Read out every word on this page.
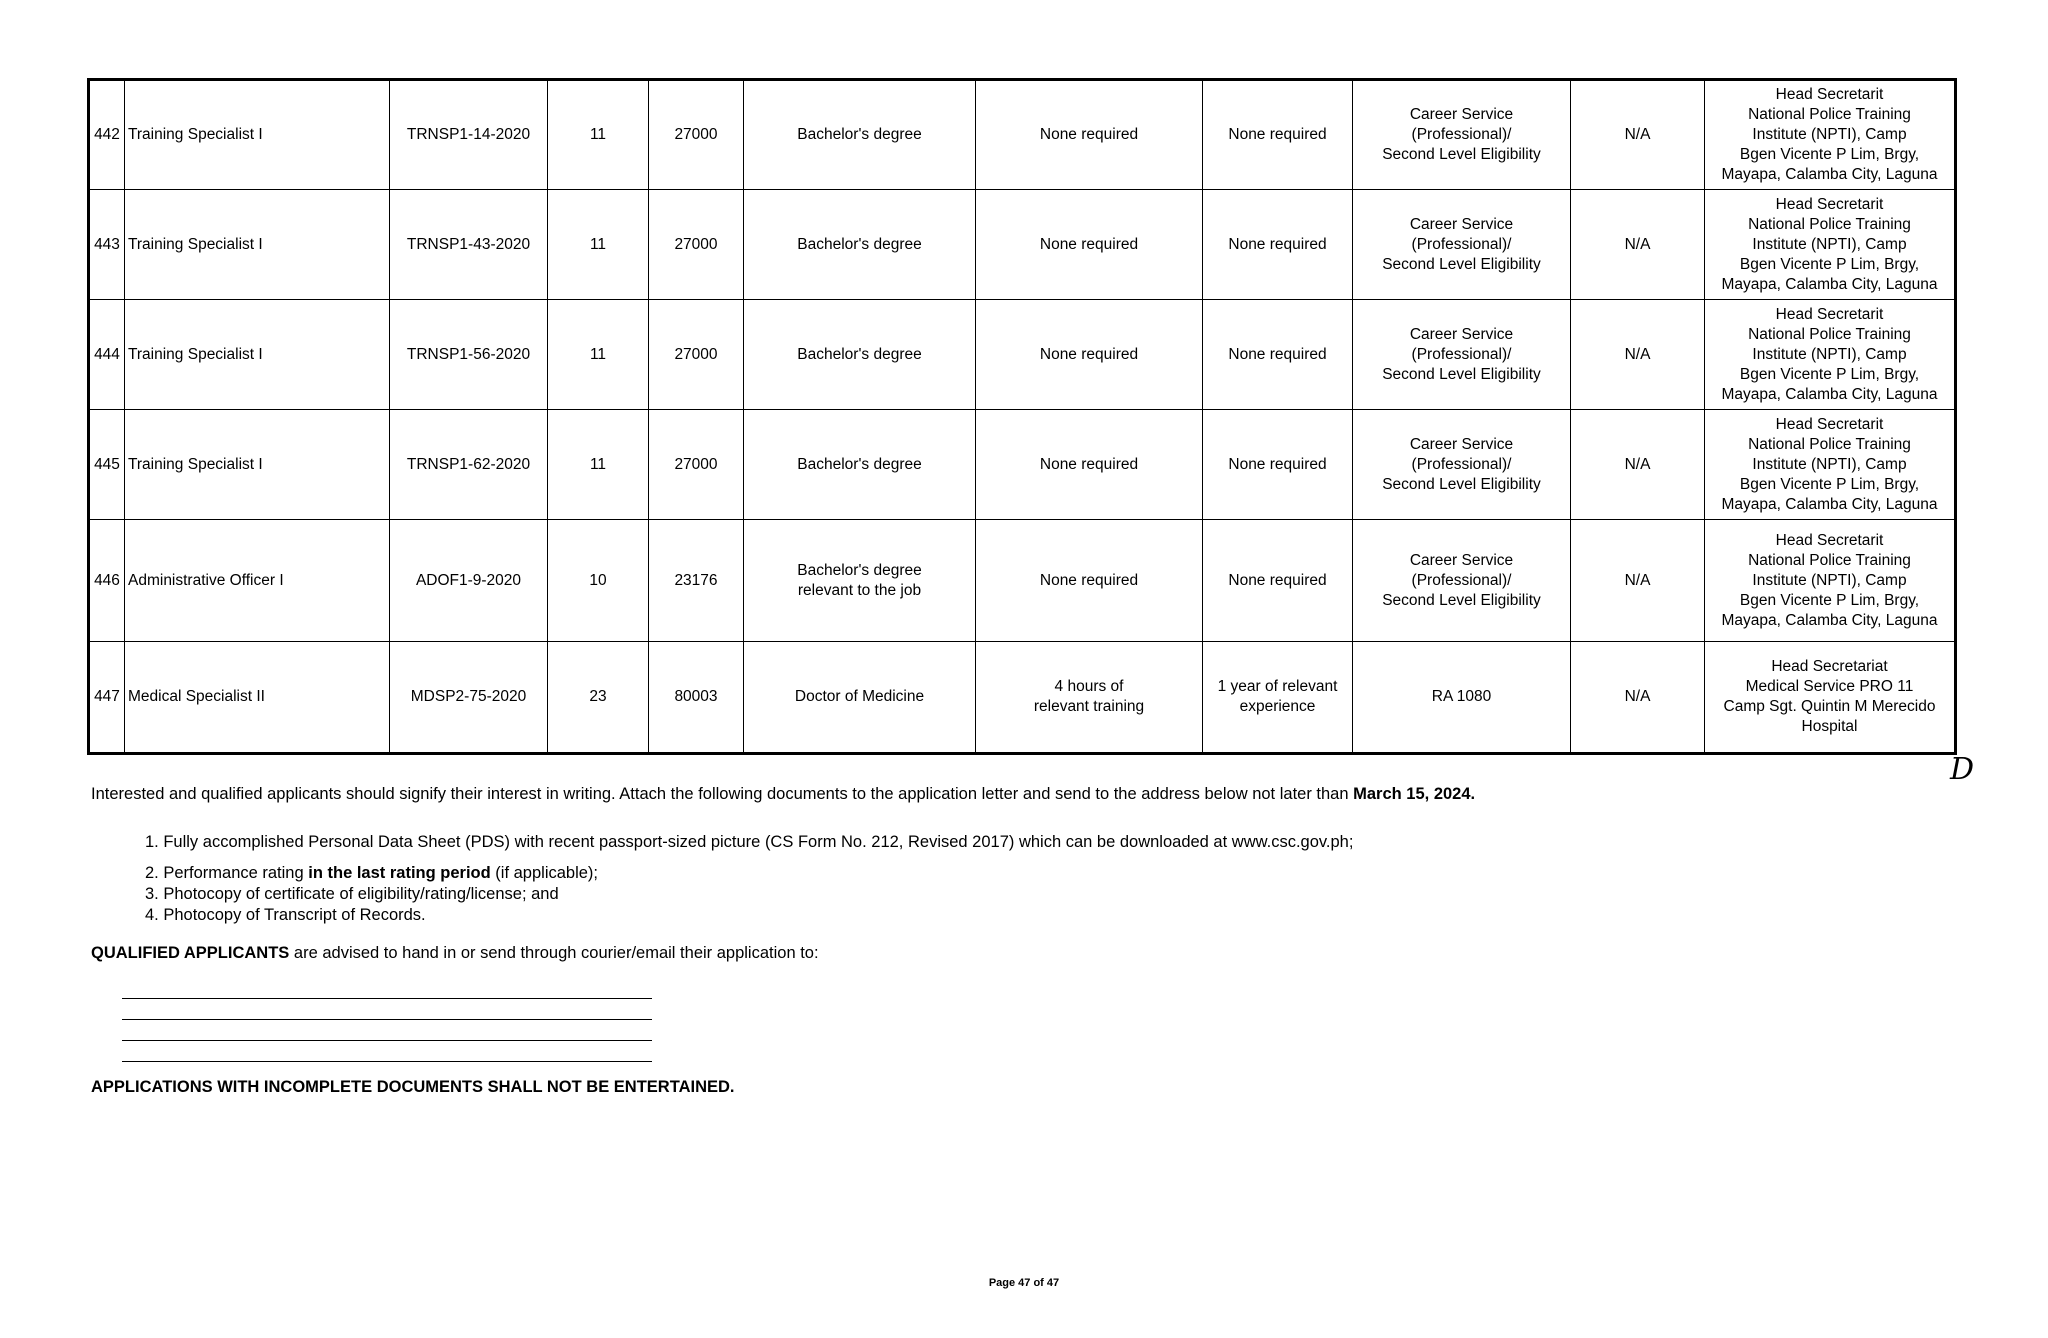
442	Training Specialist I	TRNSP1-14-2020	11	27000	Bachelor's degree	None required	None required	Career Service
(Professional)/
Second Level Eligibility	N/A	Head Secretarit
National Police Training
Institute (NPTI), Camp
Bgen Vicente P Lim, Brgy,
Mayapa, Calamba City, Laguna
443	Training Specialist I	TRNSP1-43-2020	11	27000	Bachelor's degree	None required	None required	Career Service
(Professional)/
Second Level Eligibility	N/A	Head Secretarit
National Police Training
Institute (NPTI), Camp
Bgen Vicente P Lim, Brgy,
Mayapa, Calamba City, Laguna
444	Training Specialist I	TRNSP1-56-2020	11	27000	Bachelor's degree	None required	None required	Career Service
(Professional)/
Second Level Eligibility	N/A	Head Secretarit
National Police Training
Institute (NPTI), Camp
Bgen Vicente P Lim, Brgy,
Mayapa, Calamba City, Laguna
445	Training Specialist I	TRNSP1-62-2020	11	27000	Bachelor's degree	None required	None required	Career Service
(Professional)/
Second Level Eligibility	N/A	Head Secretarit
National Police Training
Institute (NPTI), Camp
Bgen Vicente P Lim, Brgy,
Mayapa, Calamba City, Laguna
446	Administrative Officer I	ADOF1-9-2020	10	23176	Bachelor's degree
relevant to the job	None required	None required	Career Service
(Professional)/
Second Level Eligibility	N/A	Head Secretarit
National Police Training
Institute (NPTI), Camp
Bgen Vicente P Lim, Brgy,
Mayapa, Calamba City, Laguna
447	Medical Specialist II	MDSP2-75-2020	23	80003	Doctor of Medicine	4 hours of
relevant training	1 year of relevant
experience	RA 1080	N/A	Head Secretariat
Medical Service PRO 11
Camp Sgt. Quintin M Merecido
Hospital

Interested and qualified applicants should signify their interest in writing. Attach the following documents to the application letter and send to the address below not later than March 15, 2024.

1. Fully accomplished Personal Data Sheet (PDS) with recent passport-sized picture (CS Form No. 212, Revised 2017) which can be downloaded at www.csc.gov.ph;
2. Performance rating in the last rating period (if applicable);
3. Photocopy of certificate of eligibility/rating/license; and
4. Photocopy of Transcript of Records.

QUALIFIED APPLICANTS are advised to hand in or send through courier/email their application to:

APPLICATIONS WITH INCOMPLETE DOCUMENTS SHALL NOT BE ENTERTAINED.

D
Page 47 of 47
